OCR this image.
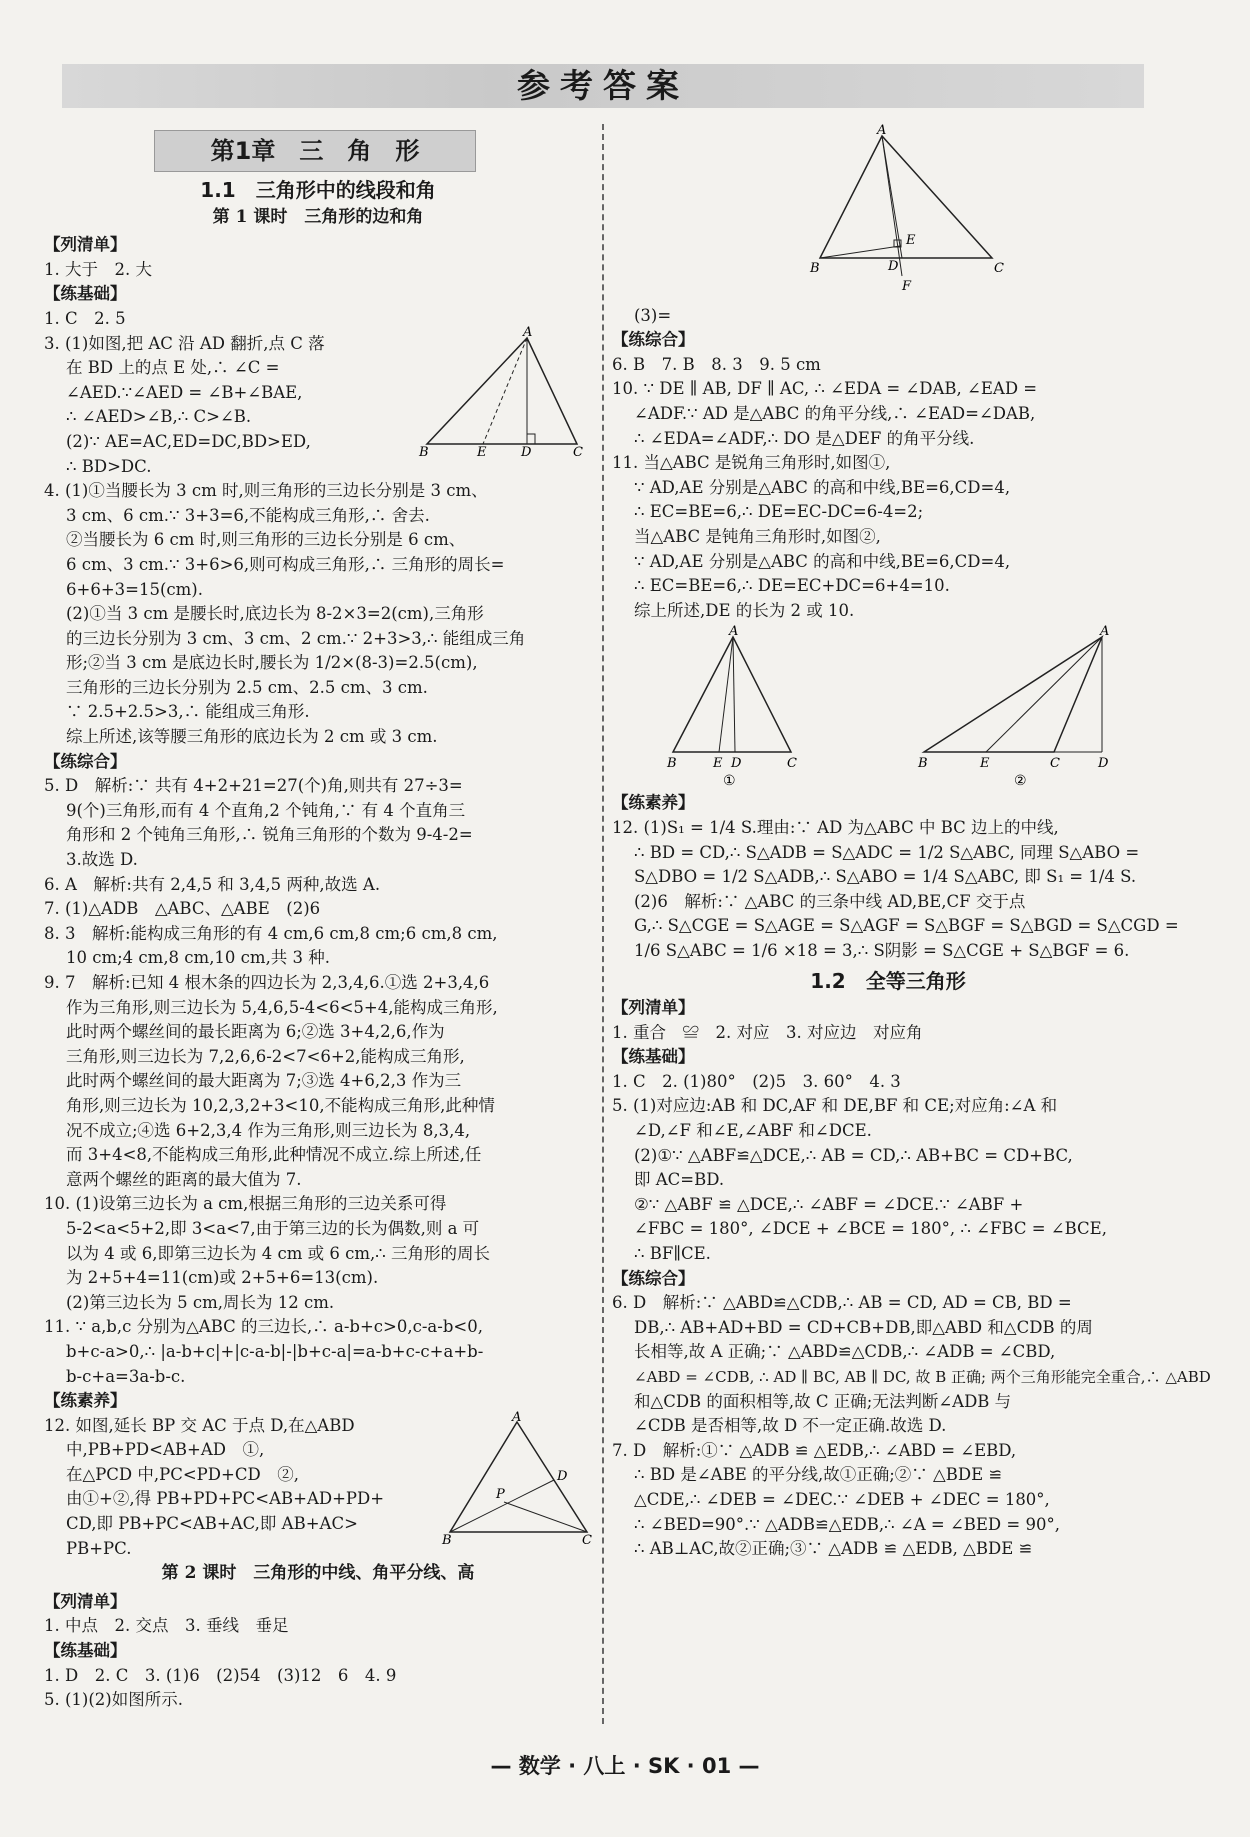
参考答案
第1章　三　角　形
1.1　三角形中的线段和角
第 1 课时　三角形的边和角
【列清单】
1. 大于　2. 大
【练基础】
1. C　2. 5
A
B	E	D	C
3. (1)如图,把 AC 沿 AD 翻折,点 C 落
在 BD 上的点 E 处,∴ ∠C =
∠AED.∵∠AED = ∠B+∠BAE,
∴ ∠AED>∠B,∴ C>∠B.
(2)∵ AE=AC,ED=DC,BD>ED,
∴ BD>DC.
4. (1)①当腰长为 3 cm 时,则三角形的三边长分别是 3 cm、
3 cm、6 cm.∵ 3+3=6,不能构成三角形,∴ 舍去.
②当腰长为 6 cm 时,则三角形的三边长分别是 6 cm、
6 cm、3 cm.∵ 3+6>6,则可构成三角形,∴ 三角形的周长=
6+6+3=15(cm).
(2)①当 3 cm 是腰长时,底边长为 8-2×3=2(cm),三角形
的三边长分别为 3 cm、3 cm、2 cm.∵ 2+3>3,∴ 能组成三角
形;②当 3 cm 是底边长时,腰长为 1/2×(8-3)=2.5(cm),
三角形的三边长分别为 2.5 cm、2.5 cm、3 cm.
∵ 2.5+2.5>3,∴ 能组成三角形.
综上所述,该等腰三角形的底边长为 2 cm 或 3 cm.
【练综合】
5. D　解析:∵ 共有 4+2+21=27(个)角,则共有 27÷3=
9(个)三角形,而有 4 个直角,2 个钝角,∵ 有 4 个直角三
角形和 2 个钝角三角形,∴ 锐角三角形的个数为 9-4-2=
3.故选 D.
6. A　解析:共有 2,4,5 和 3,4,5 两种,故选 A.
7. (1)△ADB　△ABC、△ABE　(2)6
8. 3　解析:能构成三角形的有 4 cm,6 cm,8 cm;6 cm,8 cm,
10 cm;4 cm,8 cm,10 cm,共 3 种.
9. 7　解析:已知 4 根木条的四边长为 2,3,4,6.①选 2+3,4,6
作为三角形,则三边长为 5,4,6,5-4<6<5+4,能构成三角形,
此时两个螺丝间的最长距离为 6;②选 3+4,2,6,作为
三角形,则三边长为 7,2,6,6-2<7<6+2,能构成三角形,
此时两个螺丝间的最大距离为 7;③选 4+6,2,3 作为三
角形,则三边长为 10,2,3,2+3<10,不能构成三角形,此种情
况不成立;④选 6+2,3,4 作为三角形,则三边长为 8,3,4,
而 3+4<8,不能构成三角形,此种情况不成立.综上所述,任
意两个螺丝的距离的最大值为 7.
10. (1)设第三边长为 a cm,根据三角形的三边关系可得
5-2<a<5+2,即 3<a<7,由于第三边的长为偶数,则 a 可
以为 4 或 6,即第三边长为 4 cm 或 6 cm,∴ 三角形的周长
为 2+5+4=11(cm)或 2+5+6=13(cm).
(2)第三边长为 5 cm,周长为 12 cm.
11. ∵ a,b,c 分别为△ABC 的三边长,∴ a-b+c>0,c-a-b<0,
b+c-a>0,∴ |a-b+c|+|c-a-b|-|b+c-a|=a-b+c-c+a+b-
b-c+a=3a-b-c.
【练素养】
A
B	C
D
P
12. 如图,延长 BP 交 AC 于点 D,在△ABD
中,PB+PD<AB+AD　①,
在△PCD 中,PC<PD+CD　②,
由①+②,得 PB+PD+PC<AB+AD+PD+
CD,即 PB+PC<AB+AC,即 AB+AC>
PB+PC.
第 2 课时　三角形的中线、角平分线、高
【列清单】
1. 中点　2. 交点　3. 垂线　垂足
【练基础】
1. D　2. C　3. (1)6　(2)54　(3)12　6　4. 9
5. (1)(2)如图所示.
A
B	C
D
E
F
(3)=
【练综合】
6. B　7. B　8. 3　9. 5 cm
10. ∵ DE ∥ AB, DF ∥ AC, ∴ ∠EDA = ∠DAB, ∠EAD =
∠ADF.∵ AD 是△ABC 的角平分线,∴ ∠EAD=∠DAB,
∴ ∠EDA=∠ADF,∴ DO 是△DEF 的角平分线.
11. 当△ABC 是锐角三角形时,如图①,
∵ AD,AE 分别是△ABC 的高和中线,BE=6,CD=4,
∴ EC=BE=6,∴ DE=EC-DC=6-4=2;
当△ABC 是钝角三角形时,如图②,
∵ AD,AE 分别是△ABC 的高和中线,BE=6,CD=4,
∴ EC=BE=6,∴ DE=EC+DC=6+4=10.
综上所述,DE 的长为 2 或 10.
A
B	E D	C
①
A
B	E	C	D
②
【练素养】
12. (1)S₁ = 1/4 S.理由:∵ AD 为△ABC 中 BC 边上的中线,
∴ BD = CD,∴ S△ADB = S△ADC = 1/2 S△ABC, 同理 S△ABO =
S△DBO = 1/2 S△ADB,∴ S△ABO = 1/4 S△ABC, 即 S₁ = 1/4 S.
(2)6　解析:∵ △ABC 的三条中线 AD,BE,CF 交于点
G,∴ S△CGE = S△AGE = S△AGF = S△BGF = S△BGD = S△CGD =
1/6 S△ABC = 1/6 ×18 = 3,∴ S阴影 = S△CGE + S△BGF = 6.
1.2　全等三角形
【列清单】
1. 重合　≌　2. 对应　3. 对应边　对应角
【练基础】
1. C　2. (1)80°　(2)5　3. 60°　4. 3
5. (1)对应边:AB 和 DC,AF 和 DE,BF 和 CE;对应角:∠A 和
∠D,∠F 和∠E,∠ABF 和∠DCE.
(2)①∵ △ABF≌△DCE,∴ AB = CD,∴ AB+BC = CD+BC,
即 AC=BD.
②∵ △ABF ≌ △DCE,∴ ∠ABF = ∠DCE.∵ ∠ABF +
∠FBC = 180°, ∠DCE + ∠BCE = 180°, ∴ ∠FBC = ∠BCE,
∴ BF∥CE.
【练综合】
6. D　解析:∵ △ABD≌△CDB,∴ AB = CD, AD = CB, BD =
DB,∴ AB+AD+BD = CD+CB+DB,即△ABD 和△CDB 的周
长相等,故 A 正确;∵ △ABD≌△CDB,∴ ∠ADB = ∠CBD,
∠ABD = ∠CDB, ∴ AD ∥ BC, AB ∥ DC, 故 B 正确; 两个三角形能完全重合,∴ △ABD
和△CDB 的面积相等,故 C 正确;无法判断∠ADB 与
∠CDB 是否相等,故 D 不一定正确.故选 D.
7. D　解析:①∵ △ADB ≌ △EDB,∴ ∠ABD = ∠EBD,
∴ BD 是∠ABE 的平分线,故①正确;②∵ △BDE ≌
△CDE,∴ ∠DEB = ∠DEC.∵ ∠DEB + ∠DEC = 180°,
∴ ∠BED=90°.∵ △ADB≌△EDB,∴ ∠A = ∠BED = 90°,
∴ AB⊥AC,故②正确;③∵ △ADB ≌ △EDB, △BDE ≌
— 数学 · 八上 · SK · 01 —
